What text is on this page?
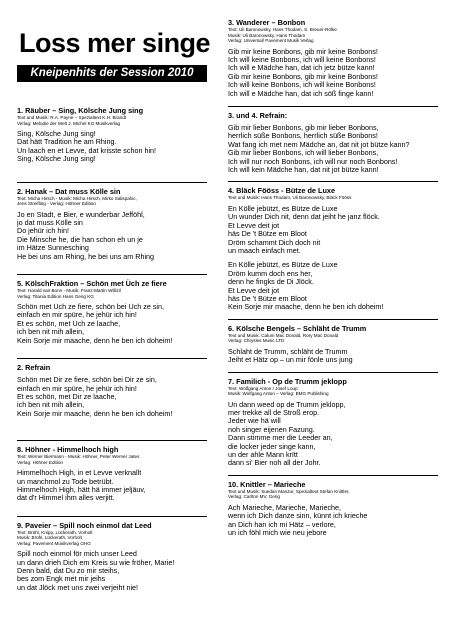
Loss mer singe
Kneipenhits der Session 2010
1. Räuber – Sing, Kölsche Jung sing
Text und Musik: R.A. Payne – Spezialtext K.H. Brandt
Verlag: Melodie der Welt J. Michel KG Musikverlag
Sing, Kölsche Jung sing!
Dat hätt Tradition he am Rhing.
Un laach en et Levve, dat krisste schon hin!
Sing, Kölsche Jung sing!
2. Hanak – Dat muss Kölle sin
Text: Micha Hirsch - Musik: Micha Hirsch, Mirko Salispahic,
Jens Streifling - Verlag: Höhner Edition
Jo en Stadt, e Bier, e wunderbar Jefföhl,
jo dat muss Kölle sin
Do jehür ich hin!
Die Minsche he, die han schon eh un je
im Hätze Sunnesching
He bei uns am Rhing, he bei uns am Rhing
5. KölschFraktion – Schön met Üch ze fiere
Text: Harald van Bonn - Musik: Franz-Martin Willizil
Verlag: Titania Edition Hans Gerig KG
Schön met Üch ze fiere, schön bei Üch ze sin,
einfach en mir spüre, he jehür ich hin!
Et es schön, met Üch ze laache,
ich ben nit mih allein,
Kein Sorje mir maache, denn he ben ich doheim!
2. Refrain
Schön met Dir ze fiere, schön bei Dir ze sin,
einfach en mir spüre, he jehür ich hin!
Et es schön, met Dir ze laache,
ich ben nit mih allein,
Kein Sorje mir maache, denn he ben ich doheim!
8. Höhner - Himmelhoch high
Text: Werner Biermann - Musik: Höhner, Peter Werner Jates
Verlag: Höhner Edition
Himmelhoch High, in et Levve verknallt
un manchmol zu Tode betrübt.
Himmelhoch High, hätt hä immer jeljäuv,
dat d'r Himmel ihm alles verjitt.
9. Paveier – Spill noch einmol dat Leed
Text: Brühl, Knipp, Lückerath, Vorholt
Musik: Brühl, Lückerath, Vorholt
Verlag: Pavement Musikverlag OHG
Spill noch einmol för mich unser Leed
un dann drieh Dich em Kreis su wie fröher, Marie!
Denn bald, dat Du zo mir steihs,
bes zom Engk met mir jeihs
un dat Jlöck met uns zwei verjeiht nie!
3. Wanderer – Bonbon
Text: Uli Baronowsky, Hans Thodam, S. Breuer-Rölke
Musik: Uli Baronowsky, Hans Thodam
Verlag: Universal/ Pavement Musik Verlag
Gib mir keine Bonbons, gib mir keine Bonbons!
Ich will keine Bonbons, ich will keine Bonbons!
Ich will e Mädche han, dat ich jetz bütze kann!
Gib mir keine Bonbons, gib mir keine Bonbons!
Ich will keine Bonbons, ich will keine Bonbons!
Ich will e Mädche han, dat ich söß finge kann!
3. und 4. Refrain:
Gib mir lieber Bonbons, gib mir lieber Bonbons,
herrlich süße Bonbons, herrlich süße Bonbons!
Wat fang ich met nem Mädche an, dat nit jot bütze kann?
Gib mir lieber Bonbons, ich will lieber Bonbons,
Ich will nur noch Bonbons, ich will nur noch Bonbons!
Ich will kein Mädche han, dat nit jot bütze kann!
4. Bläck Fööss - Bütze de Luxe
Text und Musik: Hans Thodam, Uli Baronowsky, Bläck Fööss
En Kölle jebützt, es Bütze de Luxe
Un wunder Dich nit, denn dat jeiht he janz flöck.
Et Levve deit jot
häs De 't Bütze em Bloot
Dröm schammt Dich doch nit
un maach einfach met.
En Kölle jebützt, es Bütze de Luxe
Dröm kumm doch ens her,
denn he fingks de Di Jlöck.
Et Levve deit jot
häs De 't Bütze em Bloot
Kein Sorje mir maache, denn he ben ich doheim!
6. Kölsche Bengels – Schläht de Trumm
Text und Musik: Calum Mac Donald, Rory Mac Donald
Verlag: Chrysles Music LTD
Schlaht de Trumm, schläht de Trumm
Jeiht et Hätz op – un mir fönle uns jung
7. Familich - Op de Trumm jeklopp
Text: Wolfgang Anton / Josef Loup
Musik: Wolfgang Anton – Verlag: BMG Publishing
Un dann weed op de Trumm jeklopp,
mer trekke all de Stroß erop.
Jeder wie hä will
noh singer eijenen Fazung.
Dann stimme mer die Leeder an,
die locker jeder singe kann,
un der ahle Mann krïtt
dann si' Bier noh all der Johr.
10. Knittler – Marieche
Text und Musik: Suedan Manzur, Spezialtext Stefan Knittler,
Verlag: Carlton MV, Gerig
Ach Marieche, Marieche, Marieche,
wenn ich Dich danze sinn, künnt ich krieche
an Dich han ich mi Hätz – verlore,
un ich föhl mich wie neu jebore
